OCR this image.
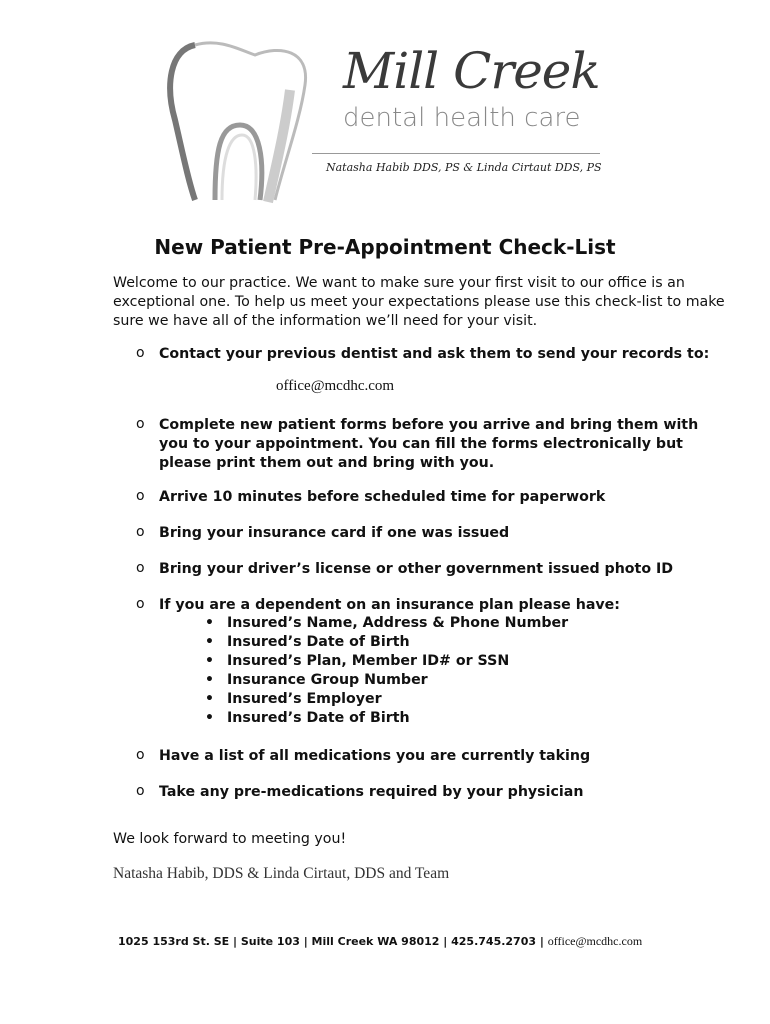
Mill Creek
dental health care
Natasha Habib DDS, PS & Linda Cirtaut DDS, PS
New Patient Pre-Appointment Check-List
Welcome to our practice. We want to make sure your first visit to our office is an
exceptional one. To help us meet your expectations please use this check-list to make
sure we have all of the information we’ll need for your visit.
o Contact your previous dentist and ask them to send your records to:
office@mcdhc.com
o Complete new patient forms before you arrive and bring them with
you to your appointment. You can fill the forms electronically but
please print them out and bring with you.
o Arrive 10 minutes before scheduled time for paperwork
o Bring your insurance card if one was issued
o Bring your driver’s license or other government issued photo ID
o If you are a dependent on an insurance plan please have:
• Insured’s Name, Address & Phone Number
• Insured’s Date of Birth
• Insured’s Plan, Member ID# or SSN
• Insurance Group Number
• Insured’s Employer
• Insured’s Date of Birth
o Have a list of all medications you are currently taking
o Take any pre-medications required by your physician
We look forward to meeting you!
Natasha Habib, DDS & Linda Cirtaut, DDS and Team
1025 153rd St. SE | Suite 103 | Mill Creek WA 98012 | 425.745.2703 | office@mcdhc.com
